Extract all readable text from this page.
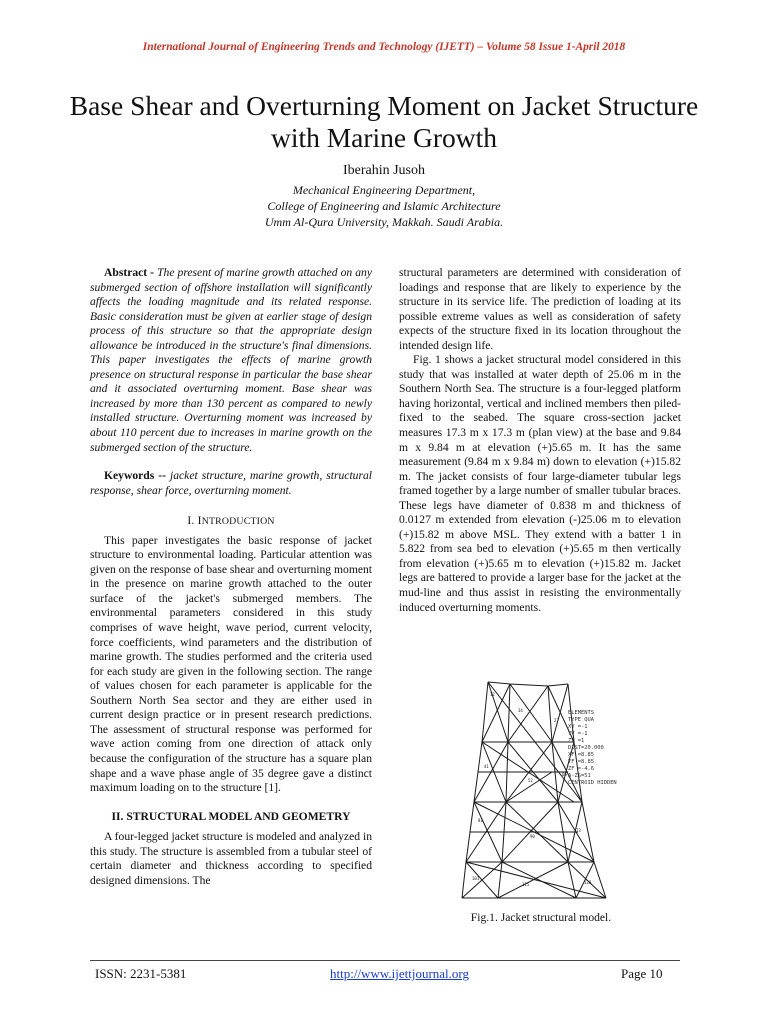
International Journal of Engineering Trends and Technology (IJETT) – Volume 58 Issue 1-April 2018
Base Shear and Overturning Moment on Jacket Structure with Marine Growth
Iberahin Jusoh
Mechanical Engineering Department,
College of Engineering and Islamic Architecture
Umm Al-Qura University, Makkah. Saudi Arabia.

Abstract - The present of marine growth attached on any submerged section of offshore installation will significantly affects the loading magnitude and its related response. Basic consideration must be given at earlier stage of design process of this structure so that the appropriate design allowance be introduced in the structure's final dimensions. This paper investigates the effects of marine growth presence on structural response in particular the base shear and it associated overturning moment. Base shear was increased by more than 130 percent as compared to newly installed structure. Overturning moment was increased by about 110 percent due to increases in marine growth on the submerged section of the structure.

Keywords -- jacket structure, marine growth, structural response, shear force, overturning moment.

I. INTRODUCTION

This paper investigates the basic response of jacket structure to environmental loading. Particular attention was given on the response of base shear and overturning moment in the presence on marine growth attached to the outer surface of the jacket's submerged members. The environmental parameters considered in this study comprises of wave height, wave period, current velocity, force coefficients, wind parameters and the distribution of marine growth. The studies performed and the criteria used for each study are given in the following section. The range of values chosen for each parameter is applicable for the Southern North Sea sector and they are either used in current design practice or in present research predictions. The assessment of structural response was performed for wave action coming from one direction of attack only because the configuration of the structure has a square plan shape and a wave phase angle of 35 degree gave a distinct maximum loading on to the structure [1].

II. STRUCTURAL MODEL AND GEOMETRY

A four-legged jacket structure is modeled and analyzed in this study. The structure is assembled from a tubular steel of certain diameter and thickness according to specified designed dimensions. The

structural parameters are determined with consideration of loadings and response that are likely to experience by the structure in its service life. The prediction of loading at its possible extreme values as well as consideration of safety expects of the structure fixed in its location throughout the intended design life.

Fig. 1 shows a jacket structural model considered in this study that was installed at water depth of 25.06 m in the Southern North Sea. The structure is a four-legged platform having horizontal, vertical and inclined members then piled-fixed to the seabed. The square cross-section jacket measures 17.3 m x 17.3 m (plan view) at the base and 9.84 m x 9.84 m at elevation (+)5.65 m. It has the same measurement (9.84 m x 9.84 m) down to elevation (+)15.82 m. The jacket consists of four large-diameter tubular legs framed together by a large number of smaller tubular braces. These legs have diameter of 0.838 m and thickness of 0.0127 m extended from elevation (-)25.06 m to elevation (+)15.82 m above MSL. They extend with a batter 1 in 5.822 from sea bed to elevation (+)5.65 m then vertically from elevation (+)5.65 m to elevation (+)15.82 m. Jacket legs are battered to provide a larger base for the jacket at the mud-line and thus assist in resisting the environmentally induced overturning moments.

12
34
27
41
52
66
81
90
73
101
115	128
ELEMENTS
TYPE QUA
XV =-1
YV =-1
ZV =1
DIST=20.000
XF =8.85
YF =8.85
ZF =-4.6
A-ZS=51
CENTROID HIDDEN
Fig.1. Jacket structural model.
ISSN: 2231-5381	http://www.ijettjournal.org	Page 10
